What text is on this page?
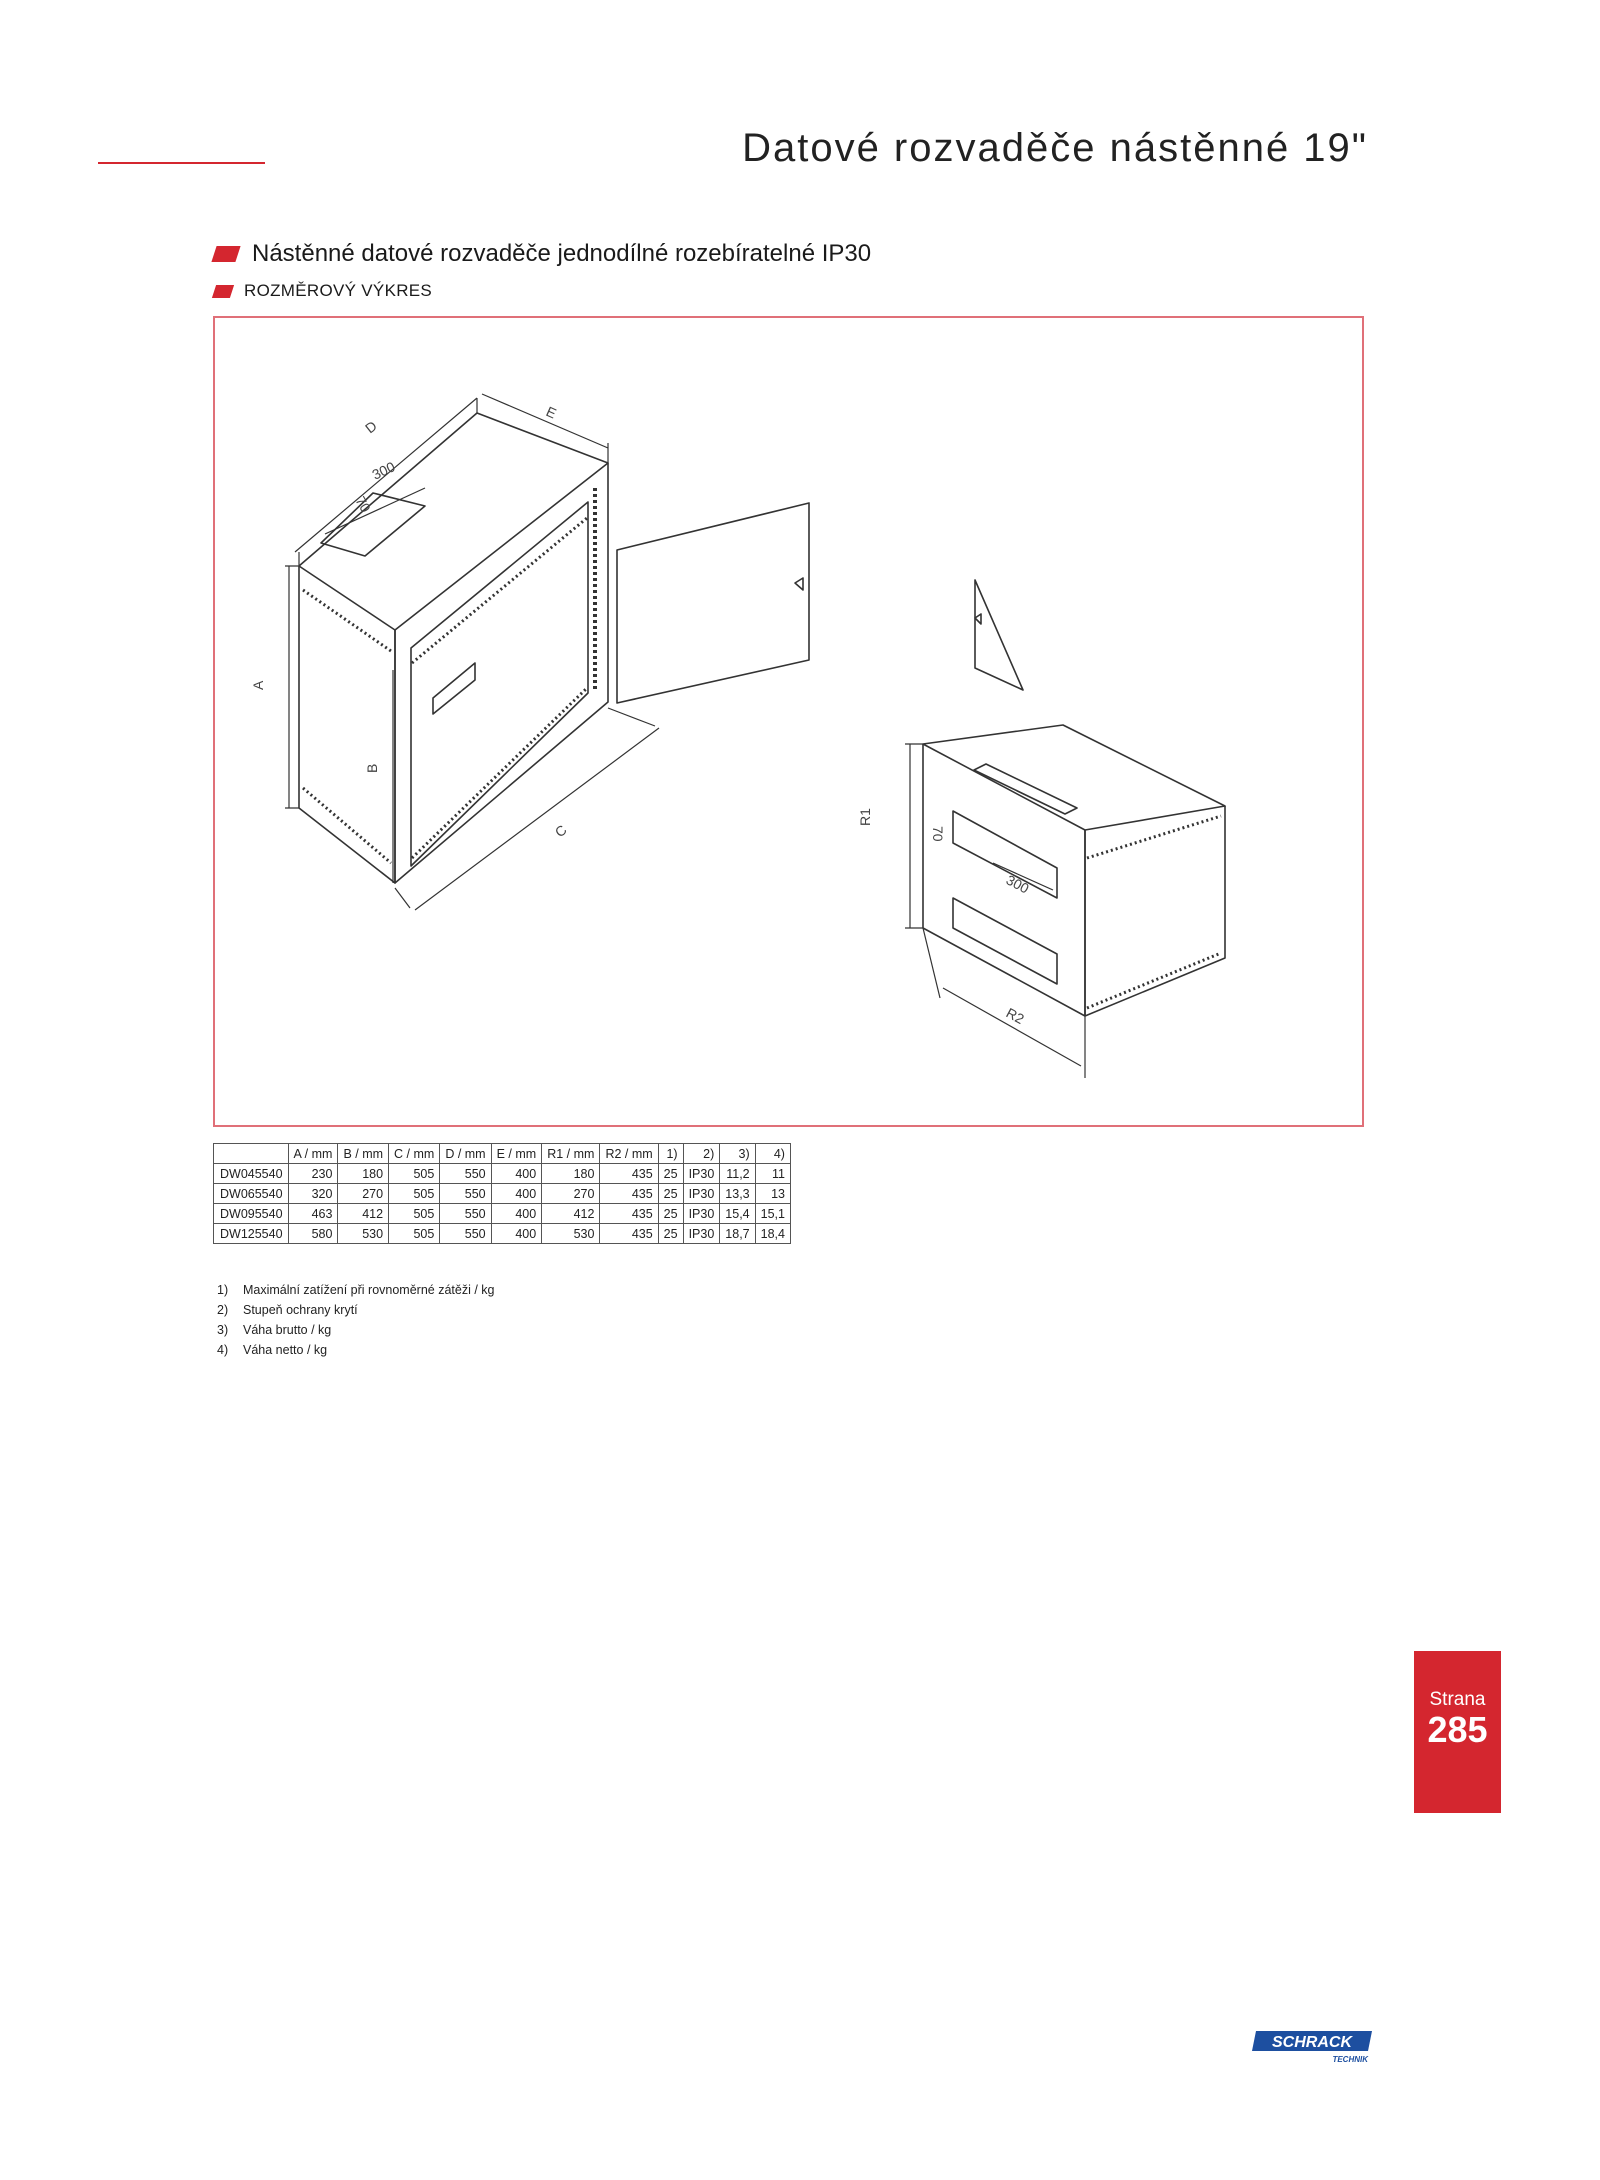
Datové rozvaděče nástěnné 19"
Nástěnné datové rozvaděče jednodílné rozebíratelné IP30
ROZMĚROVÝ VÝKRES
A
B
C
D
E
300
70
R1
R2
70
300
	A / mm	B / mm	C / mm	D / mm	E / mm	R1 / mm	R2 / mm	1)	2)	3)	4)
DW045540	230	180	505	550	400	180	435	25	IP30	11,2	11
DW065540	320	270	505	550	400	270	435	25	IP30	13,3	13
DW095540	463	412	505	550	400	412	435	25	IP30	15,4	15,1
DW125540	580	530	505	550	400	530	435	25	IP30	18,7	18,4
1)	Maximální zatížení při rovnoměrné zátěži / kg
2)	Stupeň ochrany krytí
3)	Váha brutto / kg
4)	Váha netto / kg
Strana
285
SCHRACK
TECHNIK
